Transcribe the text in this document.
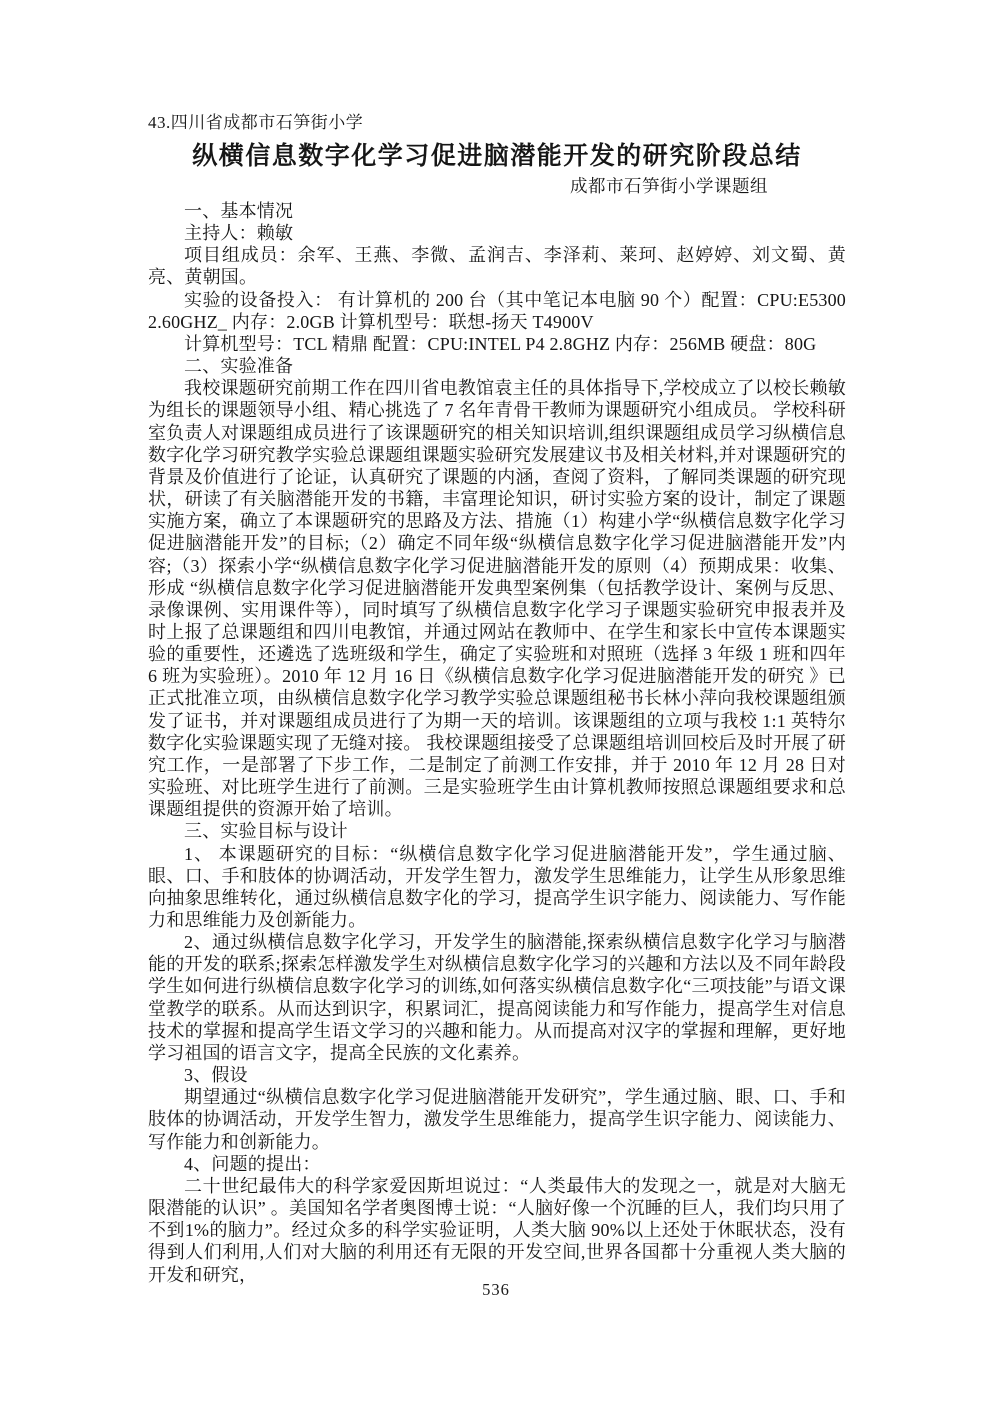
43.四川省成都市石笋街小学

纵横信息数字化学习促进脑潜能开发的研究阶段总结

成都市石笋街小学课题组

一、基本情况

主持人：赖敏

项目组成员：余军、王燕、李微、孟润吉、李泽莉、莱珂、赵婷婷、刘文蜀、黄亮、黄朝国。

实验的设备投入： 有计算机的 200 台（其中笔记本电脑 90 个）配置：CPU:E5300 2.60GHZ_ 内存：2.0GB 计算机型号：联想-扬天 T4900V

计算机型号：TCL 精鼎 配置：CPU:INTEL P4 2.8GHZ 内存：256MB 硬盘：80G

二、实验准备

我校课题研究前期工作在四川省电教馆袁主任的具体指导下,学校成立了以校长赖敏为组长的课题领导小组、精心挑选了 7 名年青骨干教师为课题研究小组成员。 学校科研室负责人对课题组成员进行了该课题研究的相关知识培训,组织课题组成员学习纵横信息数字化学习研究教学实验总课题组课题实验研究发展建议书及相关材料,并对课题研究的背景及价值进行了论证，认真研究了课题的内涵，查阅了资料，了解同类课题的研究现状，研读了有关脑潜能开发的书籍，丰富理论知识，研讨实验方案的设计，制定了课题实施方案，确立了本课题研究的思路及方法、措施（1）构建小学“纵横信息数字化学习促进脑潜能开发”的目标;（2）确定不同年级“纵横信息数字化学习促进脑潜能开发”内容;（3）探索小学“纵横信息数字化学习促进脑潜能开发的原则（4）预期成果：收集、形成 “纵横信息数字化学习促进脑潜能开发典型案例集（包括教学设计、案例与反思、录像课例、实用课件等），同时填写了纵横信息数字化学习子课题实验研究申报表并及时上报了总课题组和四川电教馆，并通过网站在教师中、在学生和家长中宣传本课题实验的重要性，还遴选了选班级和学生，确定了实验班和对照班（选择 3 年级 1 班和四年 6 班为实验班）。2010 年 12 月 16 日《纵横信息数字化学习促进脑潜能开发的研究 》已正式批准立项，由纵横信息数字化学习教学实验总课题组秘书长林小萍向我校课题组颁发了证书，并对课题组成员进行了为期一天的培训。该课题组的立项与我校 1:1 英特尔数字化实验课题实现了无缝对接。 我校课题组接受了总课题组培训回校后及时开展了研究工作，一是部署了下步工作，二是制定了前测工作安排，并于 2010 年 12 月 28 日对实验班、对比班学生进行了前测。三是实验班学生由计算机教师按照总课题组要求和总课题组提供的资源开始了培训。

三、实验目标与设计

1、 本课题研究的目标：“纵横信息数字化学习促进脑潜能开发”，学生通过脑、眼、口、手和肢体的协调活动，开发学生智力，激发学生思维能力，让学生从形象思维向抽象思维转化，通过纵横信息数字化的学习，提高学生识字能力、阅读能力、写作能力和思维能力及创新能力。

2、通过纵横信息数字化学习，开发学生的脑潜能,探索纵横信息数字化学习与脑潜能的开发的联系;探索怎样激发学生对纵横信息数字化学习的兴趣和方法以及不同年龄段学生如何进行纵横信息数字化学习的训练,如何落实纵横信息数字化“三项技能”与语文课堂教学的联系。从而达到识字，积累词汇，提高阅读能力和写作能力，提高学生对信息技术的掌握和提高学生语文学习的兴趣和能力。从而提高对汉字的掌握和理解，更好地学习祖国的语言文字，提高全民族的文化素养。

3、假设

期望通过“纵横信息数字化学习促进脑潜能开发研究”，学生通过脑、眼、口、手和肢体的协调活动，开发学生智力，激发学生思维能力，提高学生识字能力、阅读能力、写作能力和创新能力。

4、问题的提出：

二十世纪最伟大的科学家爱因斯坦说过：“人类最伟大的发现之一，就是对大脑无限潜能的认识” 。美国知名学者奥图博士说：“人脑好像一个沉睡的巨人，我们均只用了不到1%的脑力”。经过众多的科学实验证明，人类大脑 90%以上还处于休眠状态，没有得到人们利用,人们对大脑的利用还有无限的开发空间,世界各国都十分重视人类大脑的开发和研究，

536
